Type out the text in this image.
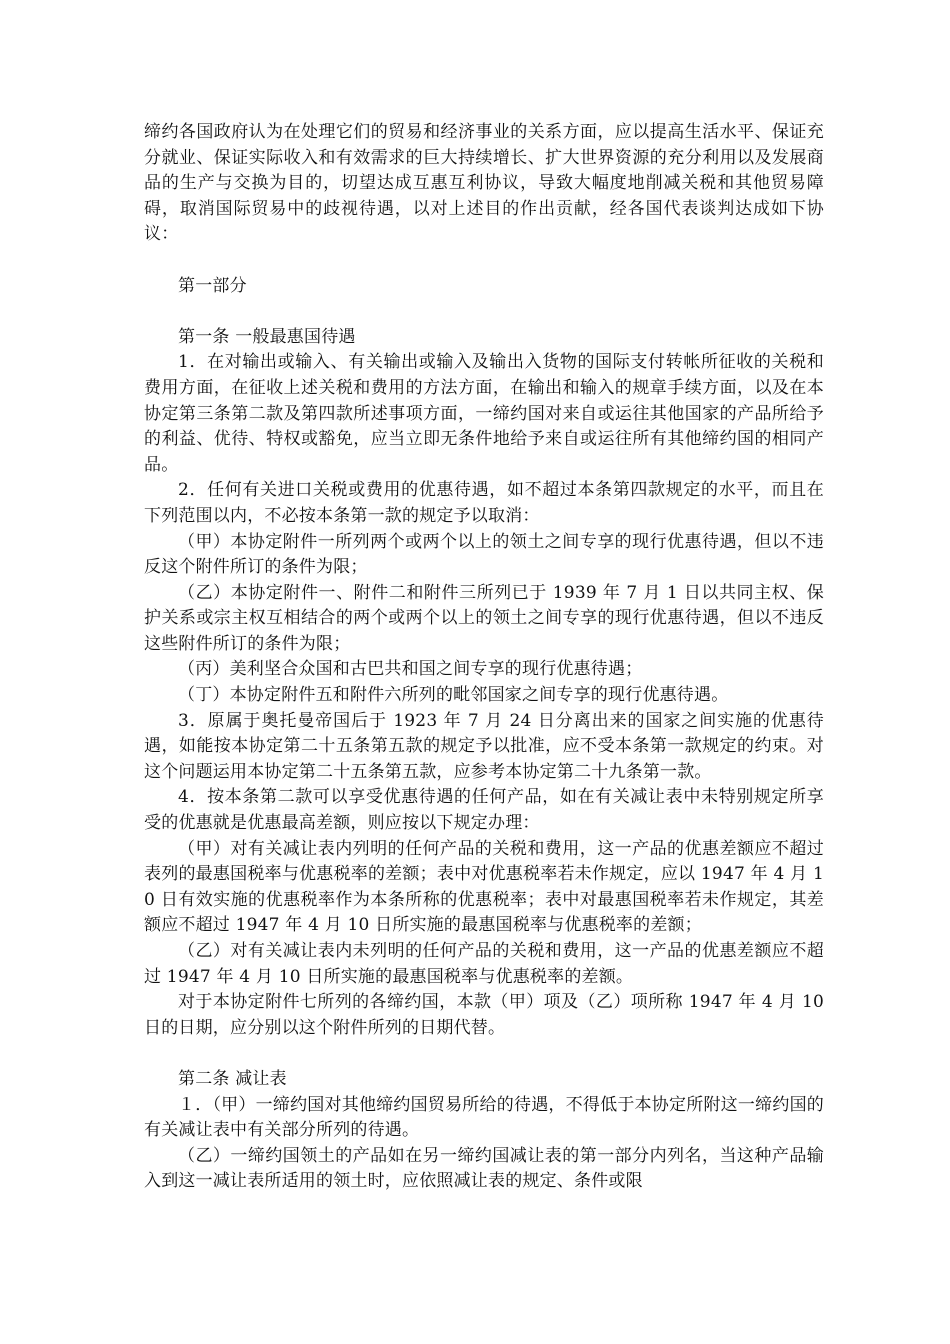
缔约各国政府认为在处理它们的贸易和经济事业的关系方面，应以提高生活水平、保证充分就业、保证实际收入和有效需求的巨大持续增长、扩大世界资源的充分利用以及发展商品的生产与交换为目的，切望达成互惠互利协议，导致大幅度地削减关税和其他贸易障碍，取消国际贸易中的歧视待遇，以对上述目的作出贡献，经各国代表谈判达成如下协议：

第一部分

第一条 一般最惠国待遇

1．在对输出或输入、有关输出或输入及输出入货物的国际支付转帐所征收的关税和费用方面，在征收上述关税和费用的方法方面，在输出和输入的规章手续方面，以及在本协定第三条第二款及第四款所述事项方面，一缔约国对来自或运往其他国家的产品所给予的利益、优待、特权或豁免，应当立即无条件地给予来自或运往所有其他缔约国的相同产品。

2．任何有关进口关税或费用的优惠待遇，如不超过本条第四款规定的水平，而且在下列范围以内，不必按本条第一款的规定予以取消：

（甲）本协定附件一所列两个或两个以上的领土之间专享的现行优惠待遇，但以不违反这个附件所订的条件为限；

（乙）本协定附件一、附件二和附件三所列已于 1939 年 7 月 1 日以共同主权、保护关系或宗主权互相结合的两个或两个以上的领土之间专享的现行优惠待遇，但以不违反这些附件所订的条件为限；

（丙）美利坚合众国和古巴共和国之间专享的现行优惠待遇；

（丁）本协定附件五和附件六所列的毗邻国家之间专享的现行优惠待遇。

3．原属于奥托曼帝国后于 1923 年 7 月 24 日分离出来的国家之间实施的优惠待遇，如能按本协定第二十五条第五款的规定予以批准，应不受本条第一款规定的约束。对这个问题运用本协定第二十五条第五款，应参考本协定第二十九条第一款。

4．按本条第二款可以享受优惠待遇的任何产品，如在有关减让表中未特别规定所享受的优惠就是优惠最高差额，则应按以下规定办理：

（甲）对有关减让表内列明的任何产品的关税和费用，这一产品的优惠差额应不超过表列的最惠国税率与优惠税率的差额；表中对优惠税率若未作规定，应以 1947 年 4 月 10 日有效实施的优惠税率作为本条所称的优惠税率；表中对最惠国税率若未作规定，其差额应不超过 1947 年 4 月 10 日所实施的最惠国税率与优惠税率的差额；

（乙）对有关减让表内未列明的任何产品的关税和费用，这一产品的优惠差额应不超过 1947 年 4 月 10 日所实施的最惠国税率与优惠税率的差额。

对于本协定附件七所列的各缔约国，本款（甲）项及（乙）项所称 1947 年 4 月 10 日的日期，应分别以这个附件所列的日期代替。

第二条 减让表

１．（甲）一缔约国对其他缔约国贸易所给的待遇，不得低于本协定所附这一缔约国的有关减让表中有关部分所列的待遇。

（乙）一缔约国领土的产品如在另一缔约国减让表的第一部分内列名，当这种产品输入到这一减让表所适用的领土时，应依照减让表的规定、条件或限
